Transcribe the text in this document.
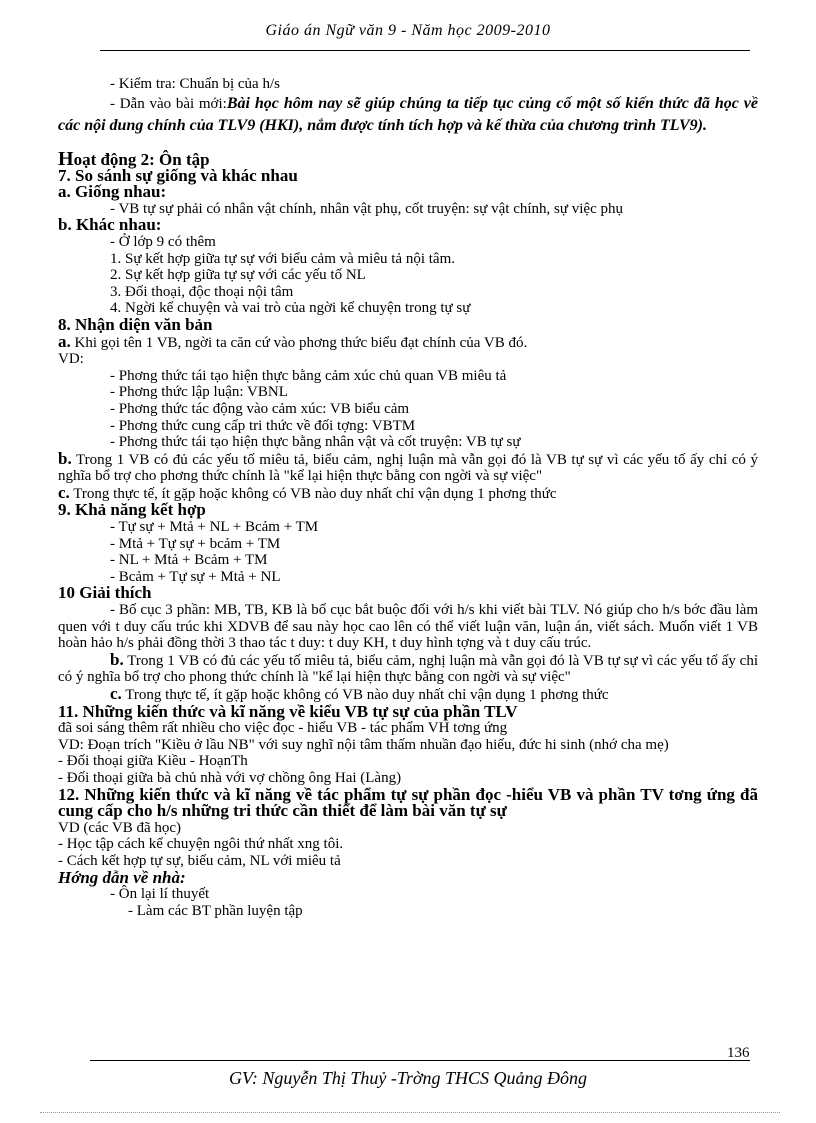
Giáo án Ngữ văn 9 - Năm học 2009-2010
- Kiểm tra: Chuẩn bị của h/s
- Dẫn vào bài mới:Bài học hôm nay sẽ giúp chúng ta tiếp tục củng cố một số kiến thức đã học về các nội dung chính của TLV9 (HKI), nắm được tính tích hợp và kế thừa của chương trình TLV9).
Hoạt động 2: Ôn tập
7. So sánh sự giống và khác nhau
a. Giống nhau:
- VB tự sự phải có nhân vật chính, nhân vật phụ, cốt truyện: sự vật chính, sự việc phụ
b. Khác nhau:
- Ở lớp 9 có thêm
1. Sự kết hợp giữa tự sự với biểu cảm và miêu tả nội tâm.
2. Sự kết hợp giữa tự sự với các yếu tố NL
3. Đối thoại, độc thoại nội tâm
4. Ngời kể chuyện và vai trò của ngời kể chuyện trong tự sự
8. Nhận diện văn bản
a. Khi gọi tên 1 VB, ngời ta căn cứ vào phơng thức biểu đạt chính của VB đó.
VD:
- Phơng thức tái tạo hiện thực bằng cảm xúc chủ quan VB miêu tả
- Phơng thức lập luận: VBNL
- Phơng thức tác động vào cảm xúc: VB biểu cảm
- Phơng thức cung cấp tri thức về đối tợng: VBTM
- Phơng thức tái tạo hiện thực bằng nhân vật và cốt truyện: VB tự sự
b. Trong 1 VB có đủ các yếu tố miêu tả, biểu cảm, nghị luận mà vẫn gọi đó là VB tự sự vì các yếu tố ấy chỉ có ý nghĩa bổ trợ cho phơng thức chính là "kể lại hiện thực bằng con ngời và sự việc"
c. Trong thực tế, ít gặp hoặc không có VB nào duy nhất chỉ vận dụng 1 phơng thức
9. Khả năng kết hợp
- Tự sự + Mtả + NL + Bcảm + TM
- Mtả + Tự sự + bcảm + TM
- NL + Mtả + Bcảm + TM
- Bcảm + Tự sự + Mtả + NL
10 Giải thích
- Bố cục 3 phần: MB, TB, KB là bố cục bắt buộc đối với h/s khi viết bài TLV. Nó giúp cho h/s bớc đầu làm quen với t duy cấu trúc khi XDVB để sau này học cao lên có thể viết luận văn, luận án, viết sách. Muốn viết 1 VB hoàn hảo h/s phải đồng thời 3 thao tác t duy: t duy KH, t duy hình tợng và t duy cấu trúc.
b. Trong 1 VB có đủ các yếu tố miêu tả, biểu cảm, nghị luận mà vẫn gọi đó là VB tự sự vì các yếu tố ấy chỉ có ý nghĩa bổ trợ cho phong thức chính là "kể lại hiện thực bằng con ngời và sự việc"
c. Trong thực tế, ít gặp hoặc không có VB nào duy nhất chỉ vận dụng 1 phơng thức
11. Những kiến thức và kĩ năng về kiểu VB tự sự của phần TLV
đã soi sáng thêm rất nhiều cho việc đọc - hiểu VB - tác phẩm VH tơng ứng
VD: Đoạn trích "Kiều ở lầu NB" với suy nghĩ nội tâm thấm nhuần đạo hiếu, đức hi sinh (nhớ cha mẹ)
- Đối thoại giữa Kiều - HoạnTh
- Đối thoại giữa bà chủ nhà với vợ chồng ông Hai (Làng)
12. Những kiến thức và kĩ năng về tác phẩm tự sự phần đọc -hiểu VB và phần TV tơng ứng đã cung cấp cho h/s những tri thức cần thiết để làm bài văn tự sự
VD (các VB đã học)
- Học tập cách kể chuyện ngôi thứ nhất xng tôi.
- Cách kết hợp tự sự, biểu cảm, NL với miêu tả
Hớng dẫn về nhà:
- Ôn lại lí thuyết
- Làm các BT phần luyện tập
136
GV: Nguyễn Thị Thuỷ -Trờng THCS Quảng Đông
